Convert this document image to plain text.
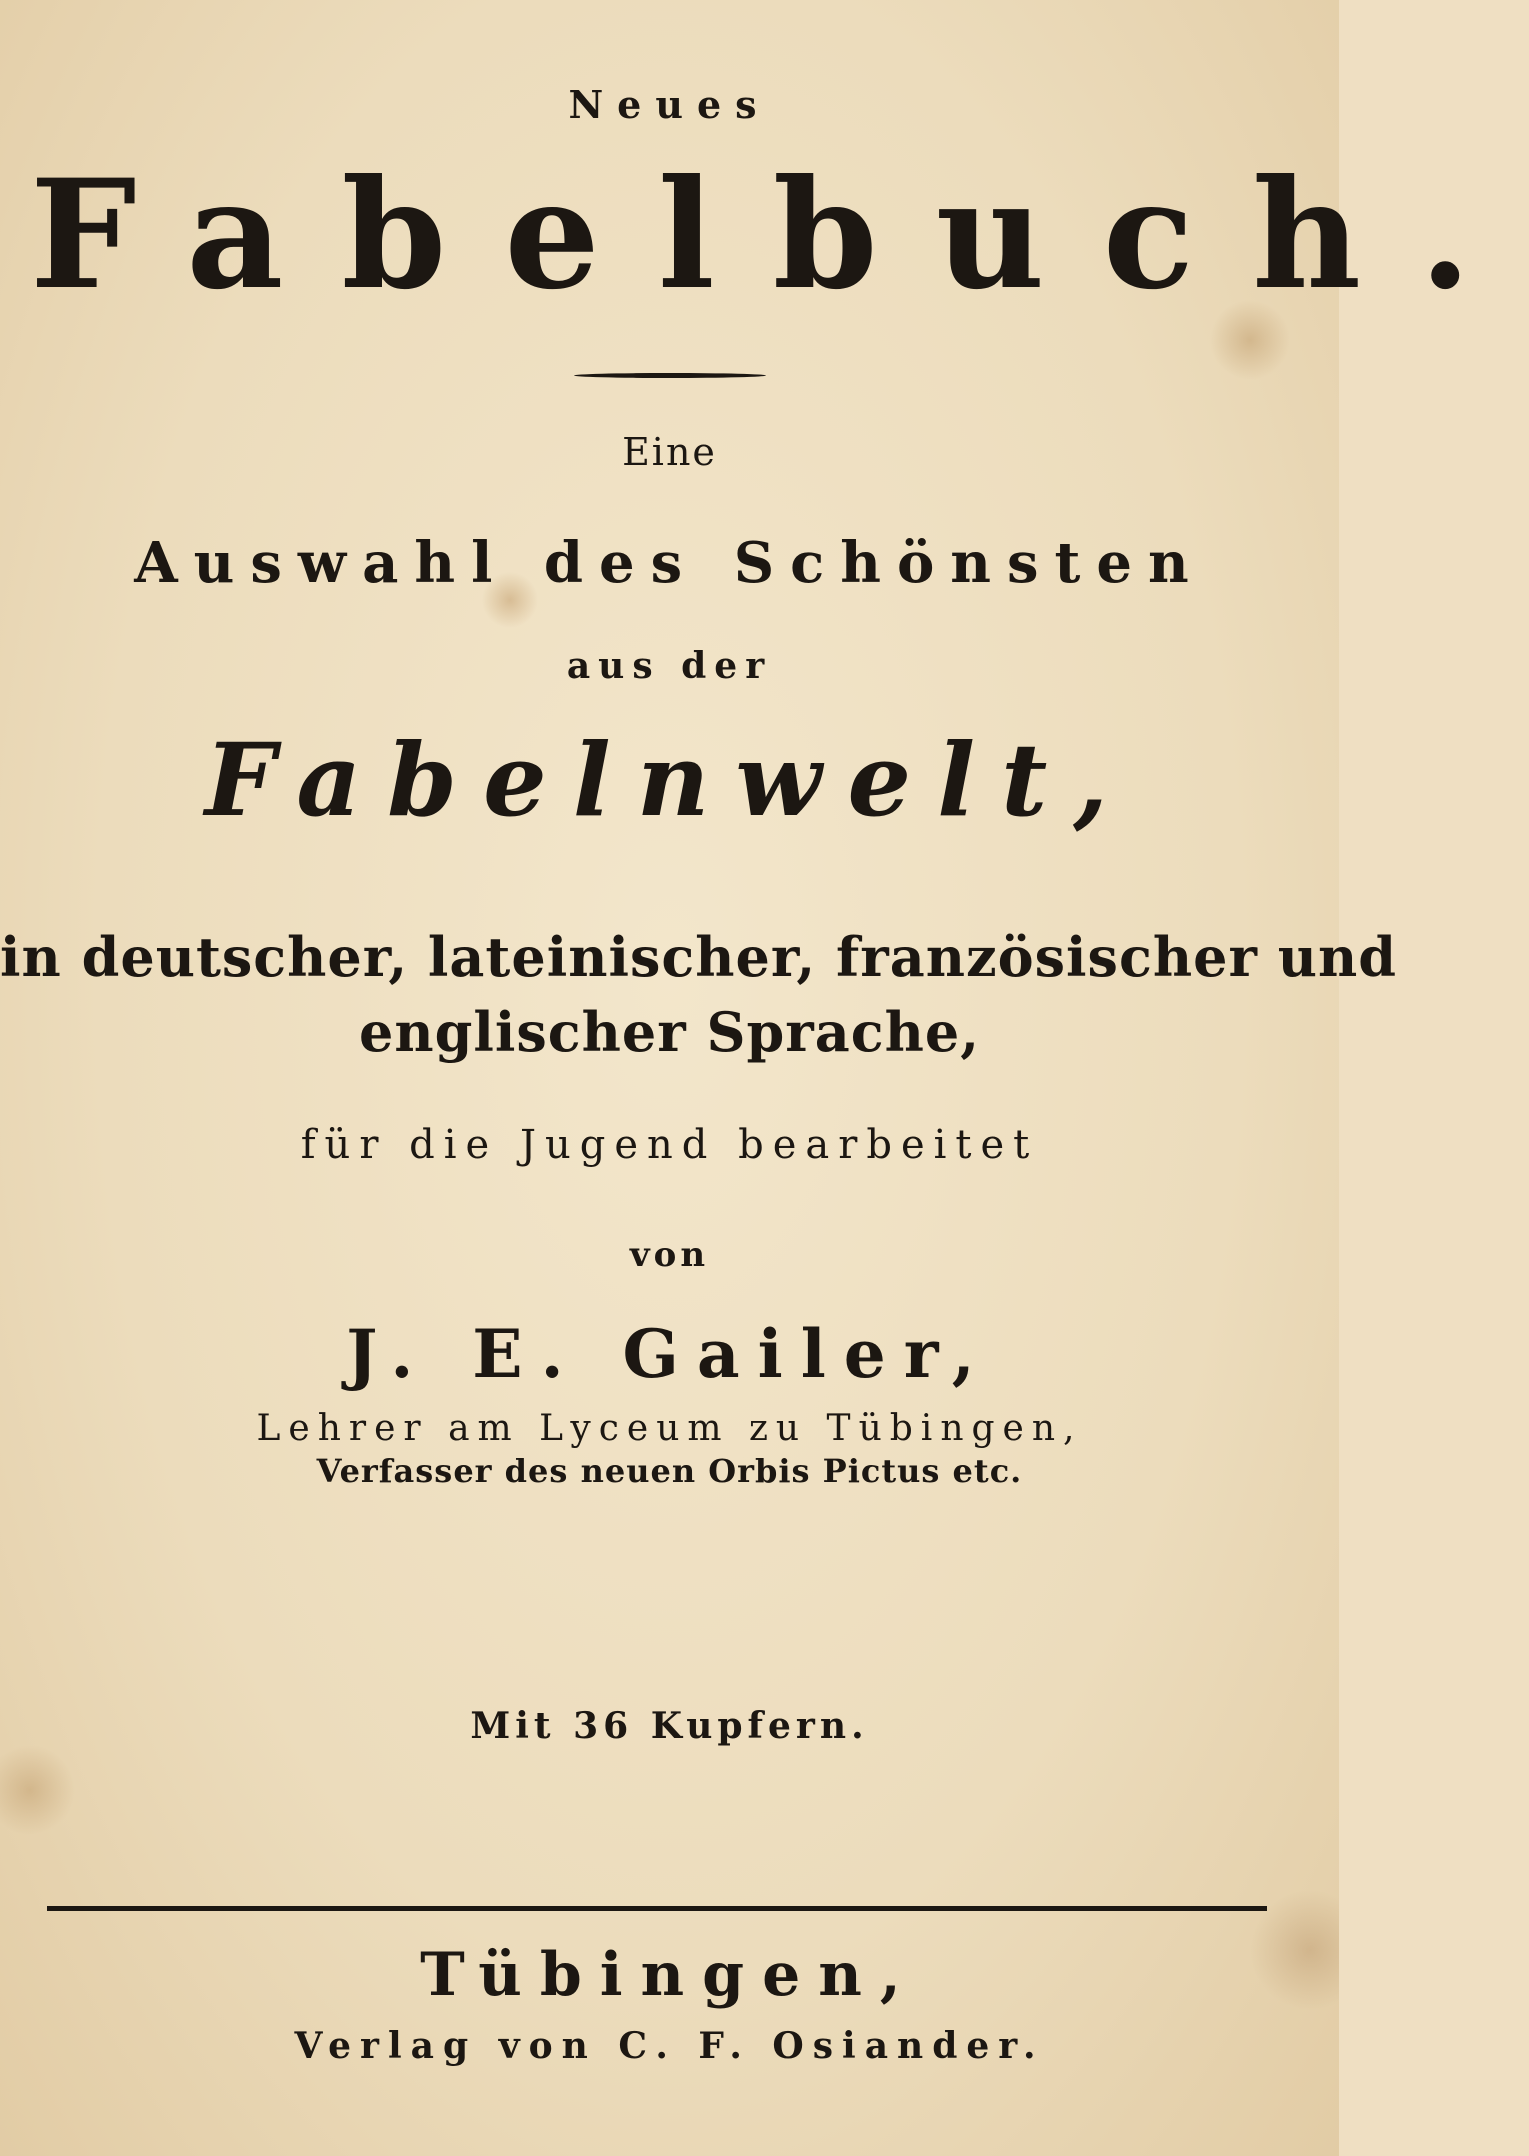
Neues
Fabelbuch.
Eine
Auswahl des Schönsten
aus der
Fabelnwelt,
in deutscher, lateinischer, französischer und
englischer Sprache,
für die Jugend bearbeitet
von
J. E. Gailer,
Lehrer am Lyceum zu Tübingen,
Verfasser des neuen Orbis Pictus etc.
Mit 36 Kupfern.
Tübingen,
Verlag von C. F. Osiander.
